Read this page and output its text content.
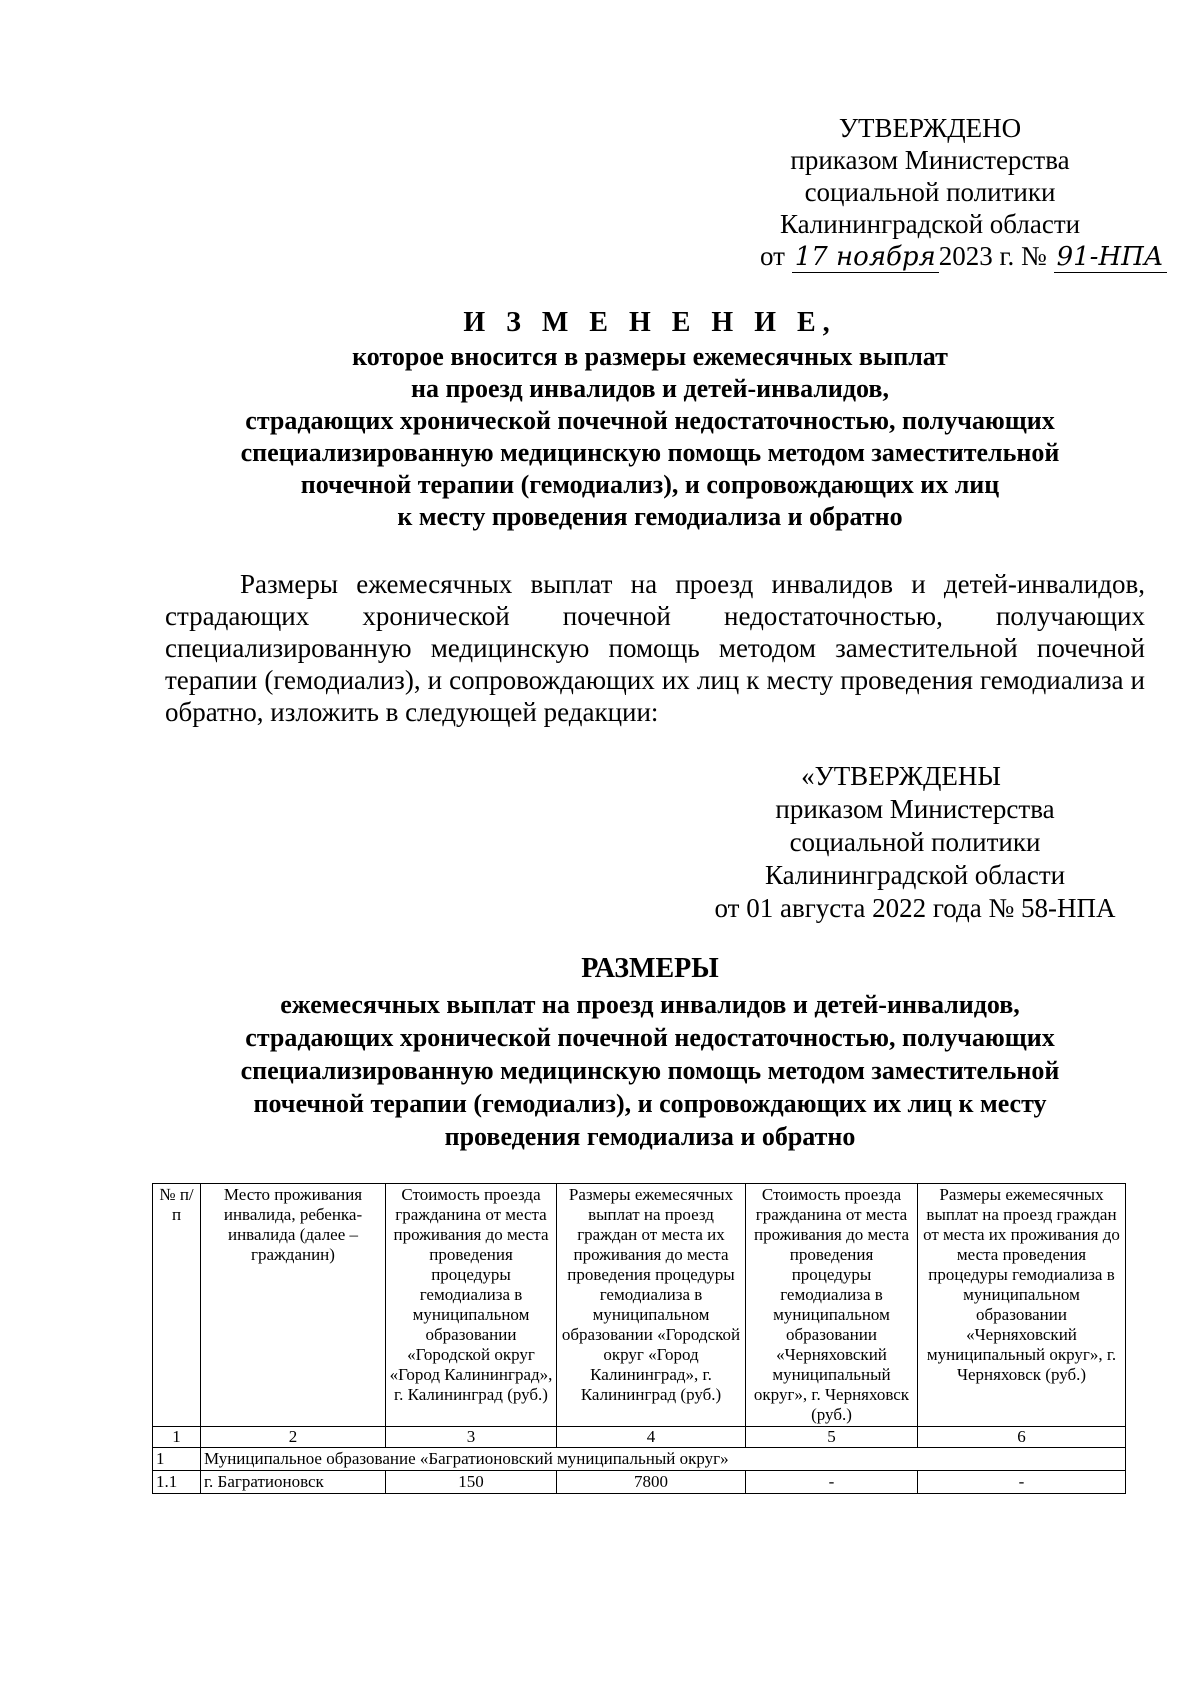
УТВЕРЖДЕНО
приказом Министерства
социальной политики
Калининградской области
от 17 ноября 2023 г. № 91-НПА
И З М Е Н Е Н И Е,
которое вносится в размеры ежемесячных выплат
на проезд инвалидов и детей-инвалидов,
страдающих хронической почечной недостаточностью, получающих
специализированную медицинскую помощь методом заместительной
почечной терапии (гемодиализ), и сопровождающих их лиц
к месту проведения гемодиализа и обратно
Размеры ежемесячных выплат на проезд инвалидов и детей-инвалидов, страдающих хронической почечной недостаточностью, получающих специализированную медицинскую помощь методом заместительной почечной терапии (гемодиализ), и сопровождающих их лиц к месту проведения гемодиализа и обратно, изложить в следующей редакции:
«УТВЕРЖДЕНЫ
приказом Министерства
социальной политики
Калининградской области
от 01 августа 2022 года № 58-НПА
РАЗМЕРЫ
ежемесячных выплат на проезд инвалидов и детей-инвалидов,
страдающих хронической почечной недостаточностью, получающих
специализированную медицинскую помощь методом заместительной
почечной терапии (гемодиализ), и сопровождающих их лиц к месту
проведения гемодиализа и обратно
№ п/п	Место проживания инвалида, ребенка-инвалида (далее – гражданин)	Стоимость проезда гражданина от места проживания до места проведения процедуры гемодиализа в муниципальном образовании «Городской округ «Город Калининград», г. Калининград (руб.)	Размеры ежемесячных выплат на проезд граждан от места их проживания до места проведения процедуры гемодиализа в муниципальном образовании «Городской округ «Город Калининград», г. Калининград (руб.)	Стоимость проезда гражданина от места проживания до места проведения процедуры гемодиализа в муниципальном образовании «Черняховский муниципальный округ», г. Черняховск (руб.)	Размеры ежемесячных выплат на проезд граждан от места их проживания до места проведения процедуры гемодиализа в муниципальном образовании «Черняховский муниципальный округ», г. Черняховск (руб.)
1	2	3	4	5	6
1	Муниципальное образование «Багратионовский муниципальный округ»				
1.1	г. Багратионовск	150	7800	-	-
